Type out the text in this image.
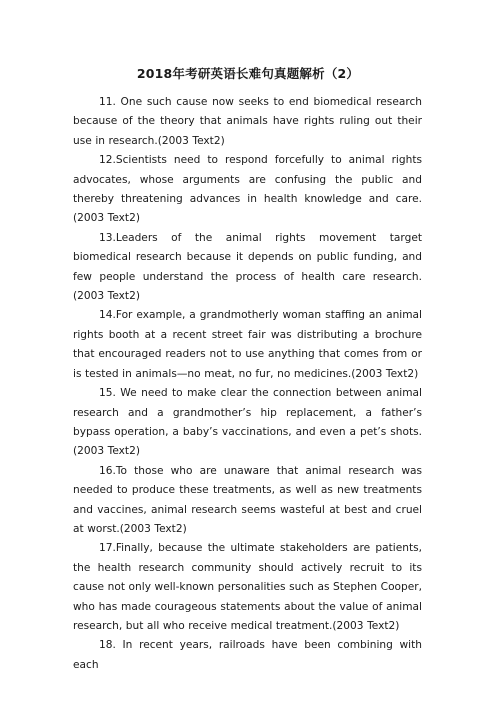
2018年考研英语长难句真题解析（2）

11. One such cause now seeks to end biomedical research because of the theory that animals have rights ruling out their use in research.(2003 Text2)

12.Scientists need to respond forcefully to animal rights advocates, whose arguments are confusing the public and thereby threatening advances in health knowledge and care.(2003 Text2)

13.Leaders of the animal rights movement target biomedical research because it depends on public funding, and few people understand the process of health care research.(2003 Text2)

14.For example, a grandmotherly woman staffing an animal rights booth at a recent street fair was distributing a brochure that encouraged readers not to use anything that comes from or is tested in animals—no meat, no fur, no medicines.(2003 Text2)

15. We need to make clear the connection between animal research and a grandmother’s hip replacement, a father’s bypass operation, a baby’s vaccinations, and even a pet’s shots.(2003 Text2)

16.To those who are unaware that animal research was needed to produce these treatments, as well as new treatments and vaccines, animal research seems wasteful at best and cruel at worst.(2003 Text2)

17.Finally, because the ultimate stakeholders are patients, the health research community should actively recruit to its cause not only well-known personalities such as Stephen Cooper, who has made courageous statements about the value of animal research, but all who receive medical treatment.(2003 Text2)

18. In recent years, railroads have been combining with each
